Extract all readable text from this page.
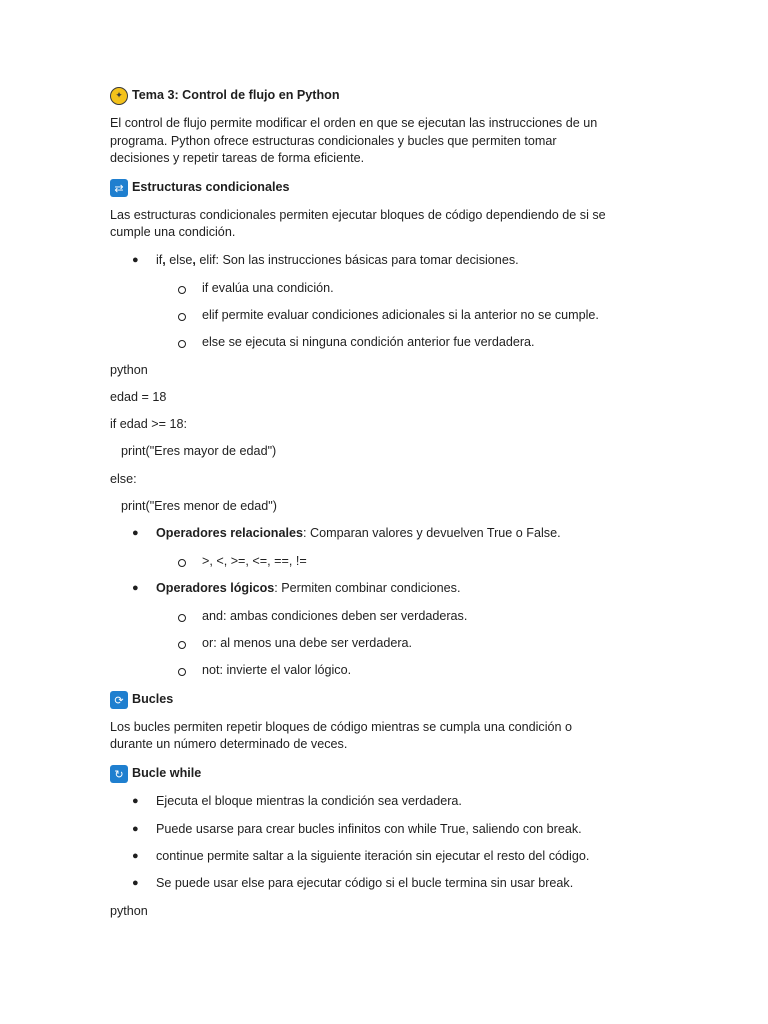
✦ Tema 3: Control de flujo en Python
El control de flujo permite modificar el orden en que se ejecutan las instrucciones de un
programa. Python ofrece estructuras condicionales y bucles que permiten tomar
decisiones y repetir tareas de forma eficiente.
⇄ Estructuras condicionales
Las estructuras condicionales permiten ejecutar bloques de código dependiendo de si se
cumple una condición.
● if, else, elif: Son las instrucciones básicas para tomar decisiones.
if evalúa una condición.
elif permite evaluar condiciones adicionales si la anterior no se cumple.
else se ejecuta si ninguna condición anterior fue verdadera.
python
edad = 18
if edad >= 18:
print("Eres mayor de edad")
else:
print("Eres menor de edad")
● Operadores relacionales: Comparan valores y devuelven True o False.
>, <, >=, <=, ==, !=
● Operadores lógicos: Permiten combinar condiciones.
and: ambas condiciones deben ser verdaderas.
or: al menos una debe ser verdadera.
not: invierte el valor lógico.
⟳ Bucles
Los bucles permiten repetir bloques de código mientras se cumpla una condición o
durante un número determinado de veces.
↻ Bucle while
● Ejecuta el bloque mientras la condición sea verdadera.
● Puede usarse para crear bucles infinitos con while True, saliendo con break.
● continue permite saltar a la siguiente iteración sin ejecutar el resto del código.
● Se puede usar else para ejecutar código si el bucle termina sin usar break.
python
